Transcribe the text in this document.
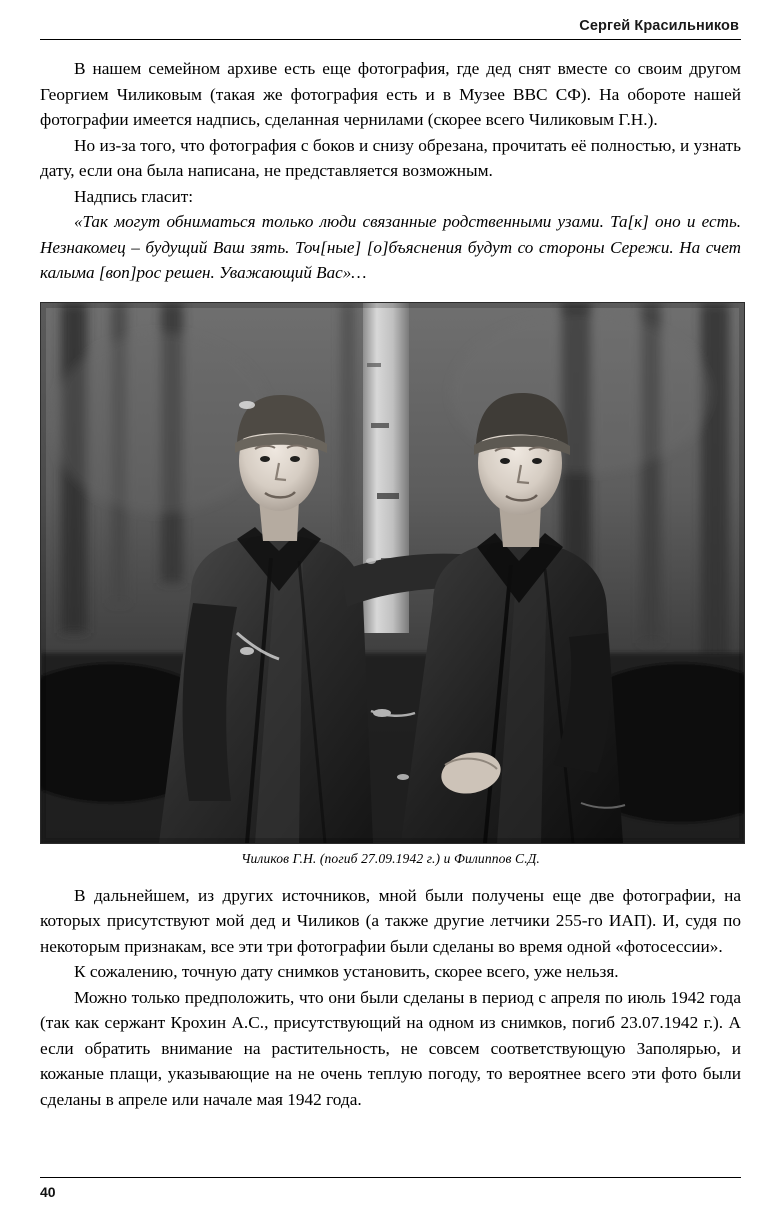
Сергей Красильников

В нашем семейном архиве есть еще фотография, где дед снят вместе со своим другом Георгием Чиликовым (такая же фотография есть и в Музее ВВС СФ). На обороте нашей фотографии имеется надпись, сделанная чернилами (скорее всего Чиликовым Г.Н.).

Но из-за того, что фотография с боков и снизу обрезана, прочитать её полностью, и узнать дату, если она была написана, не представляется возможным.

Надпись гласит:

«Так могут обниматься только люди связанные родственными узами. Та[к] оно и есть. Незнакомец – будущий Ваш зять. Точ[ные] [о]бъяснения будут со стороны Сережи. На счет калыма [воп]рос решен. Уважающий Вас»…

Чиликов Г.Н. (погиб 27.09.1942 г.) и Филиппов С.Д.

В дальнейшем, из других источников, мной были получены еще две фотографии, на которых присутствуют мой дед и Чиликов (а также другие летчики 255-го ИАП). И, судя по некоторым признакам, все эти три фотографии были сделаны во время одной «фотосессии».

К сожалению, точную дату снимков установить, скорее всего, уже нельзя.

Можно только предположить, что они были сделаны в период с апреля по июль 1942 года (так как сержант Крохин А.С., присутствующий на одном из снимков, погиб 23.07.1942 г.). А если обратить внимание на растительность, не совсем соответствующую Заполярью, и кожаные плащи, указывающие на не очень теплую погоду, то вероятнее всего эти фото были сделаны в апреле или начале мая 1942 года.

40
